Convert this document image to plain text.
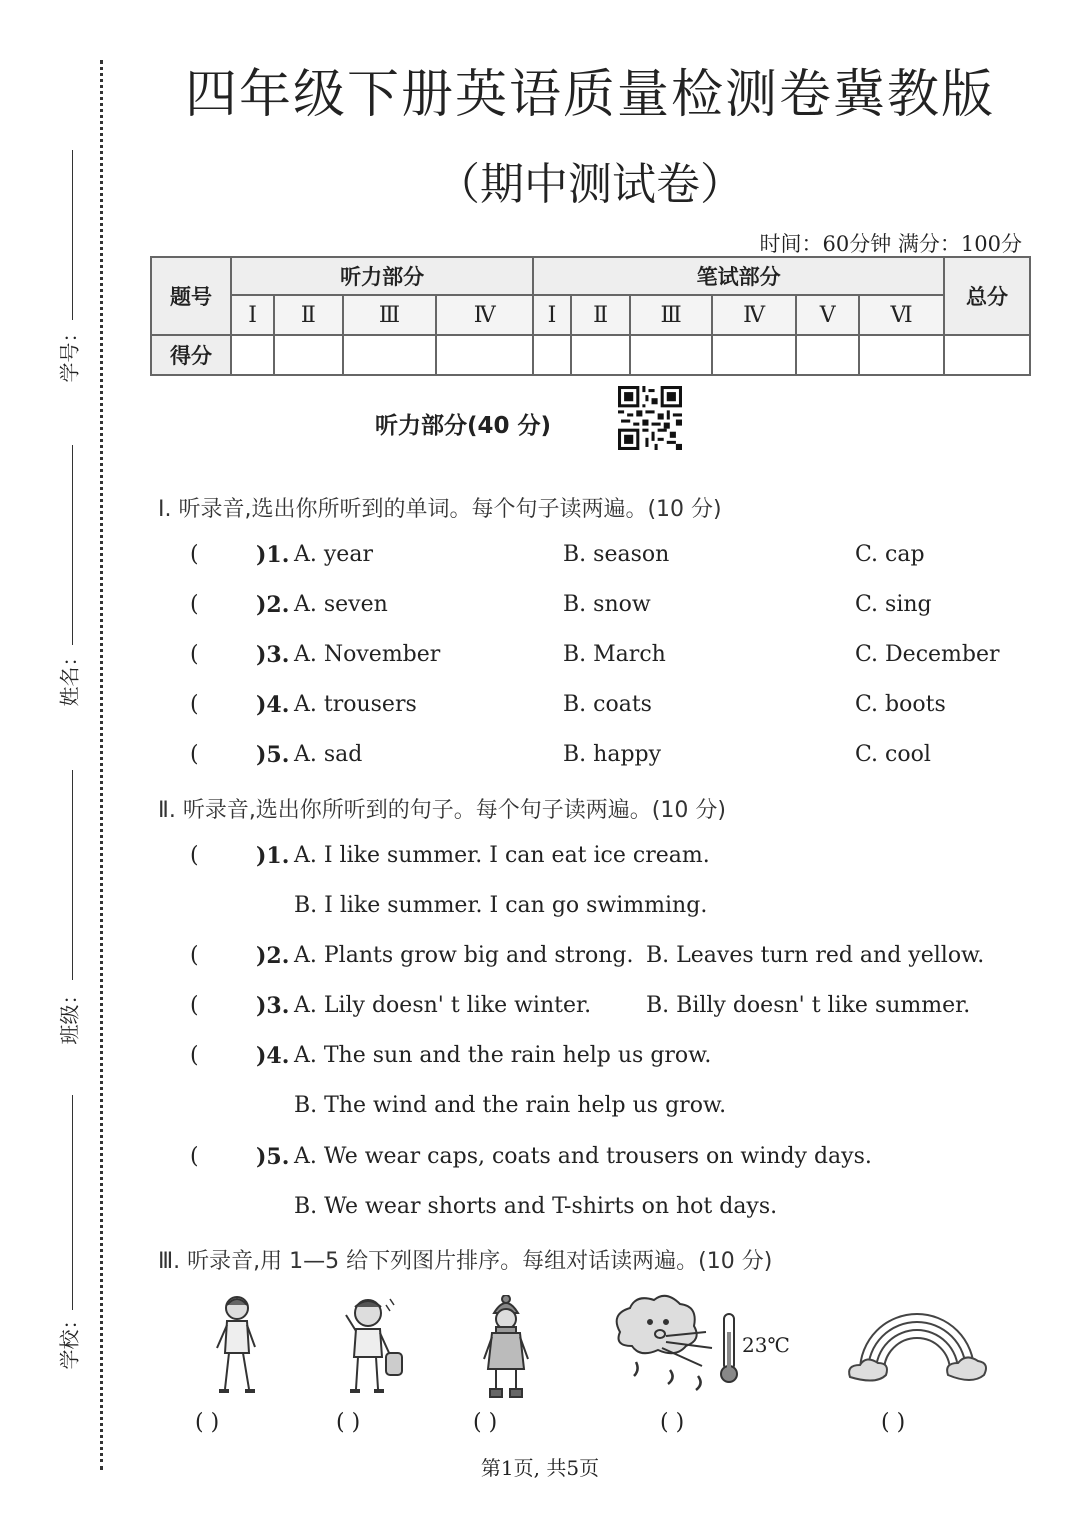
学号：
姓名：
班级：
学校：
四年级下册英语质量检测卷冀教版
（期中测试卷）
时间：60分钟 满分：100分
题号	听力部分				笔试部分						总分
	Ⅰ	Ⅱ	Ⅲ	Ⅳ	Ⅰ	Ⅱ	Ⅲ	Ⅳ	Ⅴ	Ⅵ	
得分											
听力部分(40 分)
Ⅰ. 听录音,选出你所听到的单词。每个句子读两遍。(10 分)
(	)1. A. year	B. season	C. cap
(	)2. A. seven	B. snow	C. sing
(	)3. A. November	B. March	C. December
(	)4. A. trousers	B. coats	C. boots
(	)5. A. sad	B. happy	C. cool
Ⅱ. 听录音,选出你所听到的句子。每个句子读两遍。(10 分)
(	)1. A. I like summer. I can eat ice cream.
B. I like summer. I can go swimming.
(	)2. A. Plants grow big and strong. B. Leaves turn red and yellow.
(	)3. A. Lily doesn' t like winter. B. Billy doesn' t like summer.
(	)4. A. The sun and the rain help us grow.
B. The wind and the rain help us grow.
(	)5. A. We wear caps, coats and trousers on windy days.
B. We wear shorts and T-shirts on hot days.
Ⅲ. 听录音,用 1—5 给下列图片排序。每组对话读两遍。(10 分)
23℃
( )	( )	( )	( )	( )
第1页, 共5页
